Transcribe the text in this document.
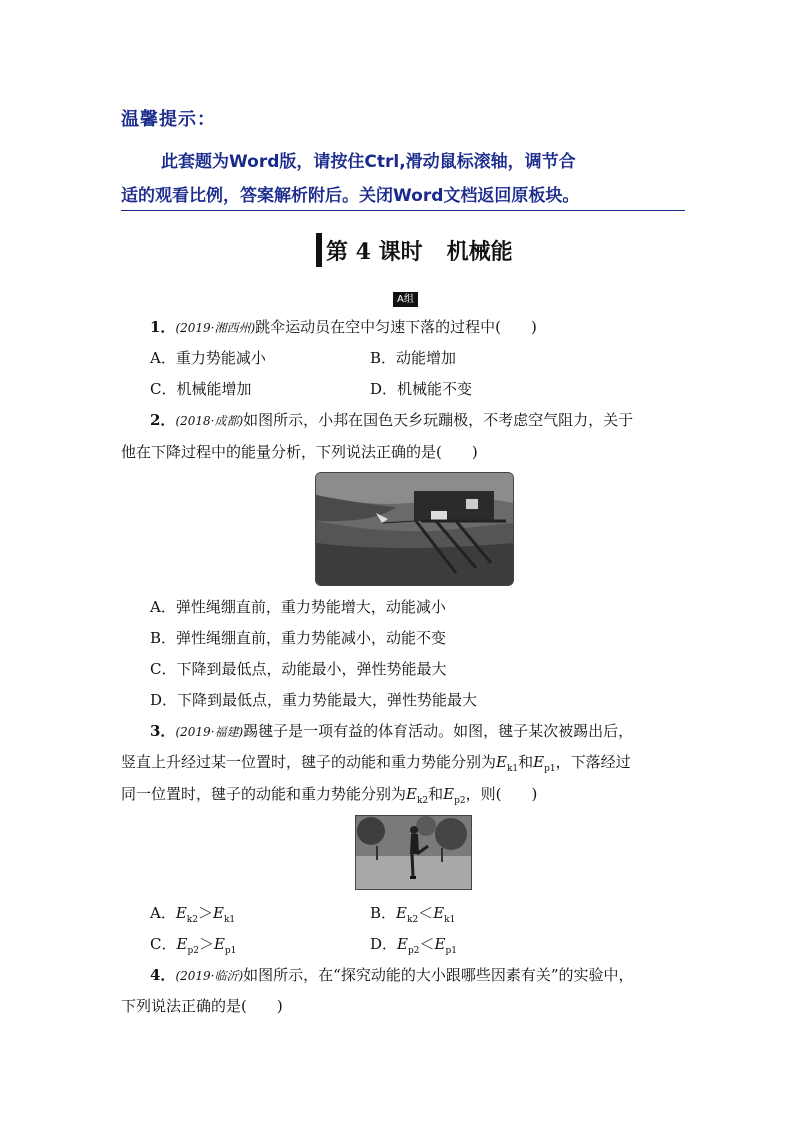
温馨提示：
此套题为Word版，请按住Ctrl,滑动鼠标滚轴，调节合
适的观看比例，答案解析附后。关闭Word文档返回原板块。
第 4 课时 机械能
A组
1．(2019·湘西州)跳伞运动员在空中匀速下落的过程中(　　)
A．重力势能减小	B．动能增加
C．机械能增加	D．机械能不变
2．(2018·成都)如图所示，小邦在国色天乡玩蹦极，不考虑空气阻力，关于
他在下降过程中的能量分析，下列说法正确的是(　　)
A．弹性绳绷直前，重力势能增大，动能减小
B．弹性绳绷直前，重力势能减小，动能不变
C．下降到最低点，动能最小，弹性势能最大
D．下降到最低点，重力势能最大，弹性势能最大
3．(2019·福建)踢毽子是一项有益的体育活动。如图，毽子某次被踢出后，
竖直上升经过某一位置时，毽子的动能和重力势能分别为$E_{k1}$和$E_{p1}$，下落经过
同一位置时，毽子的动能和重力势能分别为$E_{k2}$和$E_{p2}$，则(　　)
A．$E_{k2}>E_{k1}$	B．$E_{k2}<E_{k1}$
C．$E_{p2}>E_{p1}$	D．$E_{p2}<E_{p1}$
4．(2019·临沂)如图所示，在“探究动能的大小跟哪些因素有关”的实验中，
下列说法正确的是(　　)
